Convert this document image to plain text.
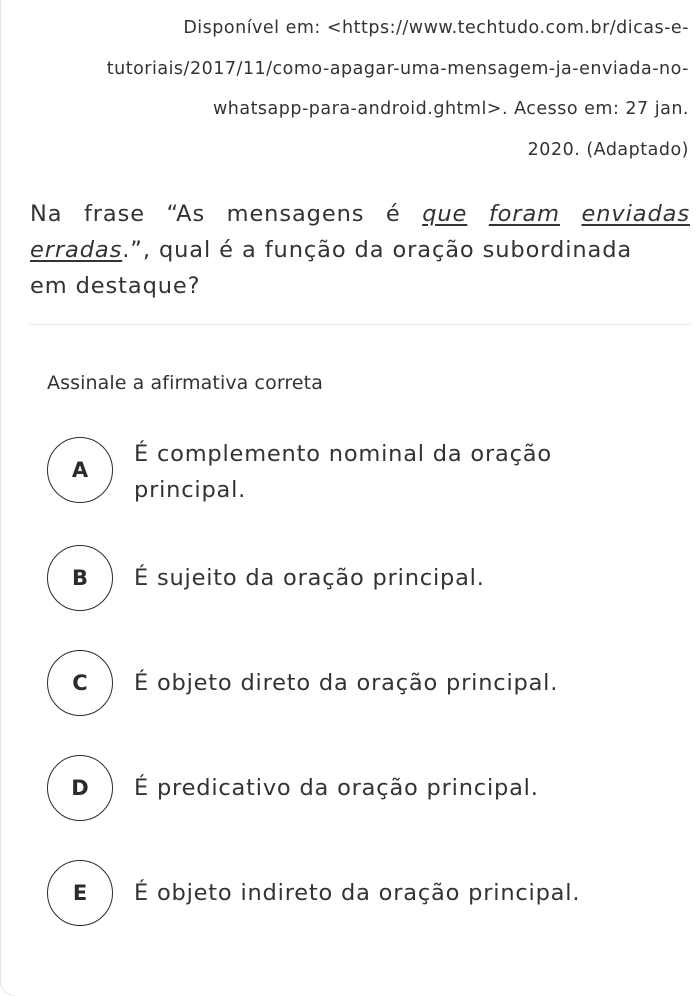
Disponível em: <https://www.techtudo.com.br/dicas-e-
tutoriais/2017/11/como-apagar-uma-mensagem-ja-enviada-no-
whatsapp-para-android.ghtml>. Acesso em: 27 jan.
2020. (Adaptado)
Na frase “As mensagens é que foram enviadas
erradas.”, qual é a função da oração subordinada
em destaque?
Assinale a afirmativa correta
A
É complemento nominal da oração principal.
B	É sujeito da oração principal.
C	É objeto direto da oração principal.
D	É predicativo da oração principal.
E	É objeto indireto da oração principal.
